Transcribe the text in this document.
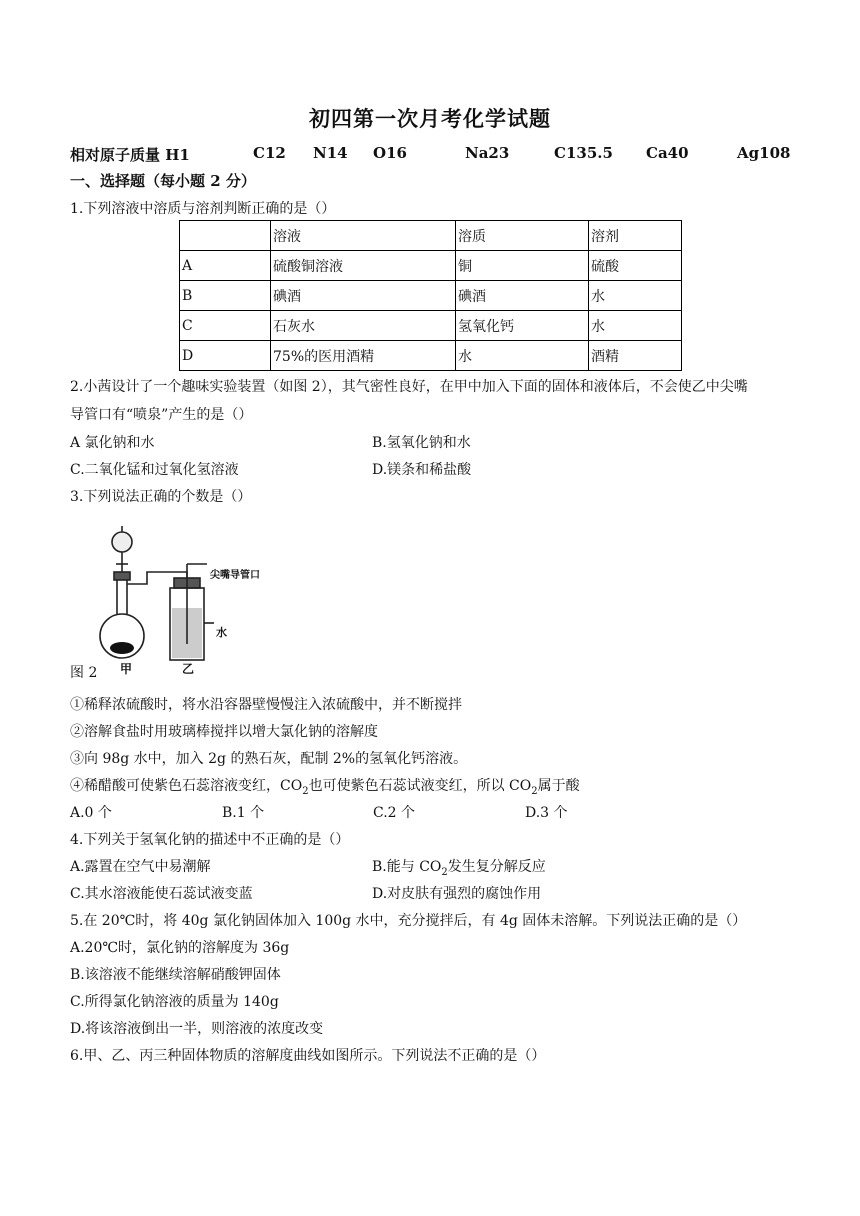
初四第一次月考化学试题
相对原子质量 H1	C12 N14 O16	Na23	C135.5 Ca40	Ag108
一、选择题（每小题 2 分）
1.下列溶液中溶质与溶剂判断正确的是（）
	溶液	溶质	溶剂
A	硫酸铜溶液	铜	硫酸
B	碘酒	碘酒	水
C	石灰水	氢氧化钙	水
D	75%的医用酒精	水	酒精
2.小茜设计了一个趣味实验装置（如图 2），其气密性良好，在甲中加入下面的固体和液体后，不会使乙中尖嘴
导管口有“喷泉”产生的是（）
A 氯化钠和水	B.氢氧化钠和水
C.二氧化锰和过氧化氢溶液	D.镁条和稀盐酸
3.下列说法正确的个数是（）
尖嘴导管口
水
甲	乙
图 2
①稀释浓硫酸时，将水沿容器壁慢慢注入浓硫酸中，并不断搅拌
②溶解食盐时用玻璃棒搅拌以增大氯化钠的溶解度
③向 98g 水中，加入 2g 的熟石灰，配制 2%的氢氧化钙溶液。
④稀醋酸可使紫色石蕊溶液变红，$CO_2$也可使紫色石蕊试液变红，所以 $CO_2$属于酸
A.0 个	B.1 个	C.2 个	D.3 个
4.下列关于氢氧化钠的描述中不正确的是（）
A.露置在空气中易潮解	B.能与 $CO_2$发生复分解反应
C.其水溶液能使石蕊试液变蓝	D.对皮肤有强烈的腐蚀作用
5.在 20℃时，将 40g 氯化钠固体加入 100g 水中，充分搅拌后，有 4g 固体未溶解。下列说法正确的是（）
A.20℃时，氯化钠的溶解度为 36g
B.该溶液不能继续溶解硝酸钾固体
C.所得氯化钠溶液的质量为 140g
D.将该溶液倒出一半，则溶液的浓度改变
6.甲、乙、丙三种固体物质的溶解度曲线如图所示。下列说法不正确的是（）
